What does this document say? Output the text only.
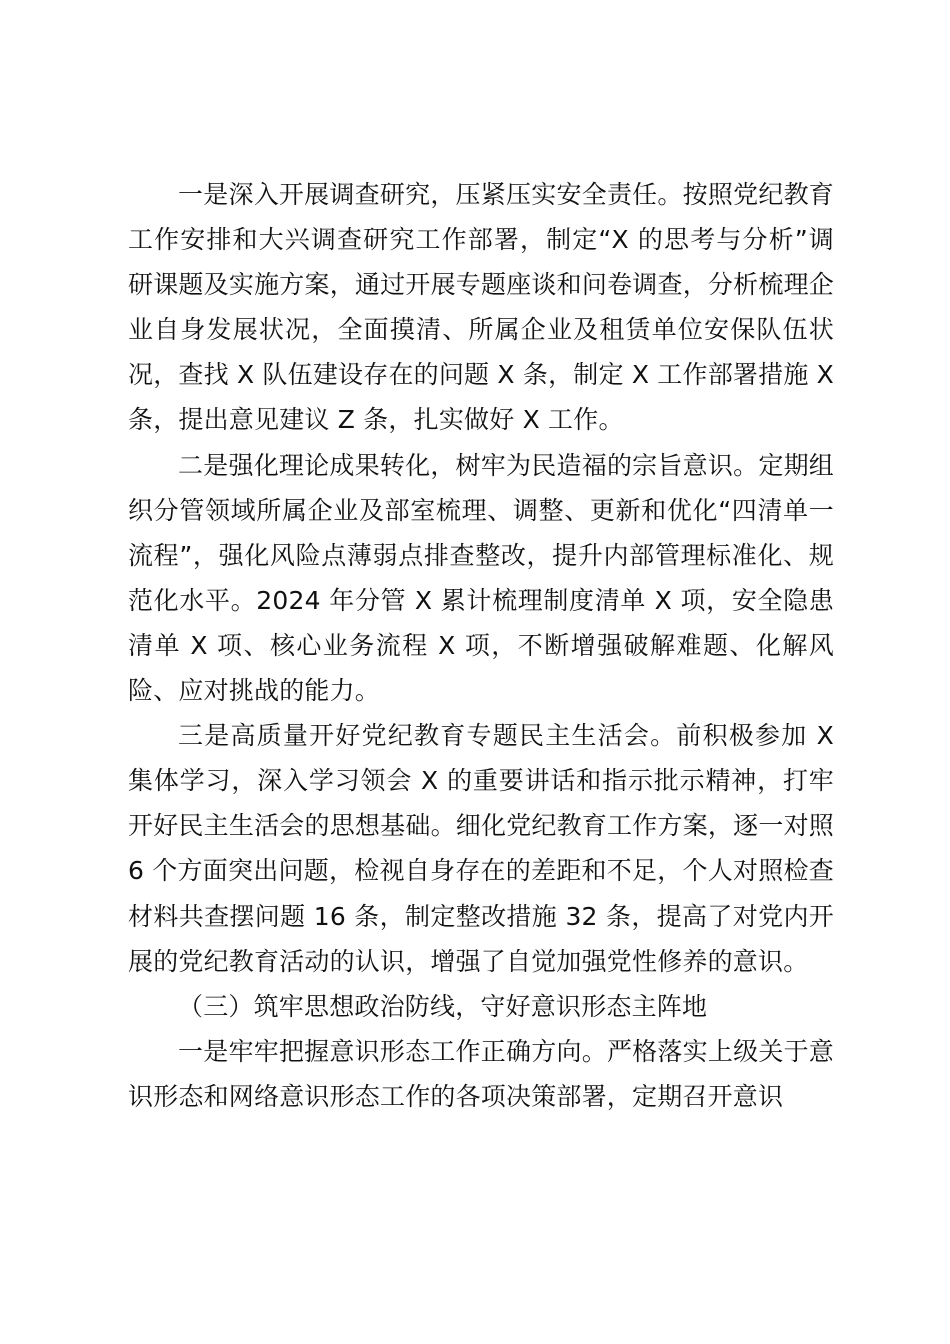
一是深入开展调查研究，压紧压实安全责任。按照党纪教育工作安排和大兴调查研究工作部署，制定“X 的思考与分析”调研课题及实施方案，通过开展专题座谈和问卷调查，分析梳理企业自身发展状况，全面摸清、所属企业及租赁单位安保队伍状况，查找 X 队伍建设存在的问题 X 条，制定 X 工作部署措施 X 条，提出意见建议 Z 条，扎实做好 X 工作。

二是强化理论成果转化，树牢为民造福的宗旨意识。定期组织分管领域所属企业及部室梳理、调整、更新和优化“四清单一流程”，强化风险点薄弱点排查整改，提升内部管理标准化、规范化水平。2024 年分管 X 累计梳理制度清单 X 项，安全隐患清单 X 项、核心业务流程 X 项，不断增强破解难题、化解风险、应对挑战的能力。

三是高质量开好党纪教育专题民主生活会。前积极参加 X 集体学习，深入学习领会 X 的重要讲话和指示批示精神，打牢开好民主生活会的思想基础。细化党纪教育工作方案，逐一对照 6 个方面突出问题，检视自身存在的差距和不足，个人对照检查材料共查摆问题 16 条，制定整改措施 32 条，提高了对党内开展的党纪教育活动的认识，增强了自觉加强党性修养的意识。

（三）筑牢思想政治防线，守好意识形态主阵地

一是牢牢把握意识形态工作正确方向。严格落实上级关于意识形态和网络意识形态工作的各项决策部署，定期召开意识
